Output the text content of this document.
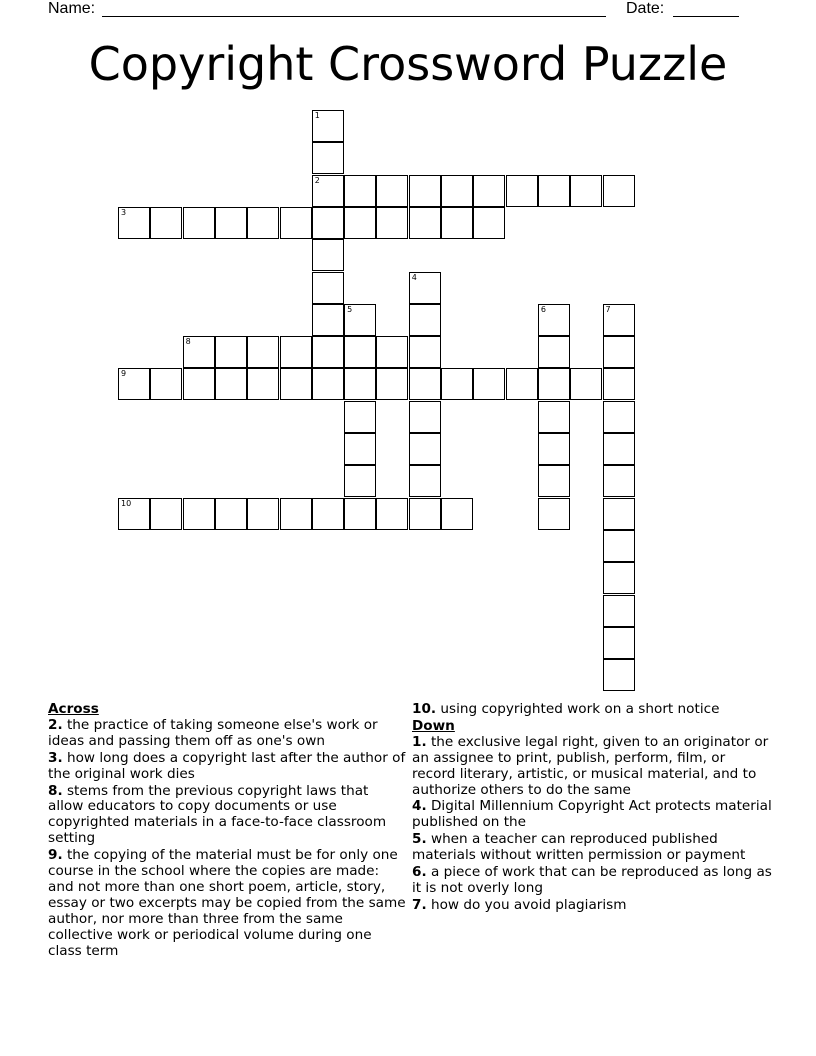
Name:	Date:
Copyright Crossword Puzzle
2
3
8
9
10
1
5
4
6	7
Across
2. the practice of taking someone else's work or ideas and passing them off as one's own
3. how long does a copyright last after the author of the original work dies
8. stems from the previous copyright laws that allow educators to copy documents or use copyrighted materials in a face-to-face classroom setting
9. the copying of the material must be for only one course in the school where the copies are made: and not more than one short poem, article, story, essay or two excerpts may be copied from the same author, nor more than three from the same collective work or periodical volume during one class term
10. using copyrighted work on a short notice
Down
1. the exclusive legal right, given to an originator or an assignee to print, publish, perform, film, or record literary, artistic, or musical material, and to authorize others to do the same
4. Digital Millennium Copyright Act protects material published on the
5. when a teacher can reproduced published materials without written permission or payment
6. a piece of work that can be reproduced as long as it is not overly long
7. how do you avoid plagiarism
